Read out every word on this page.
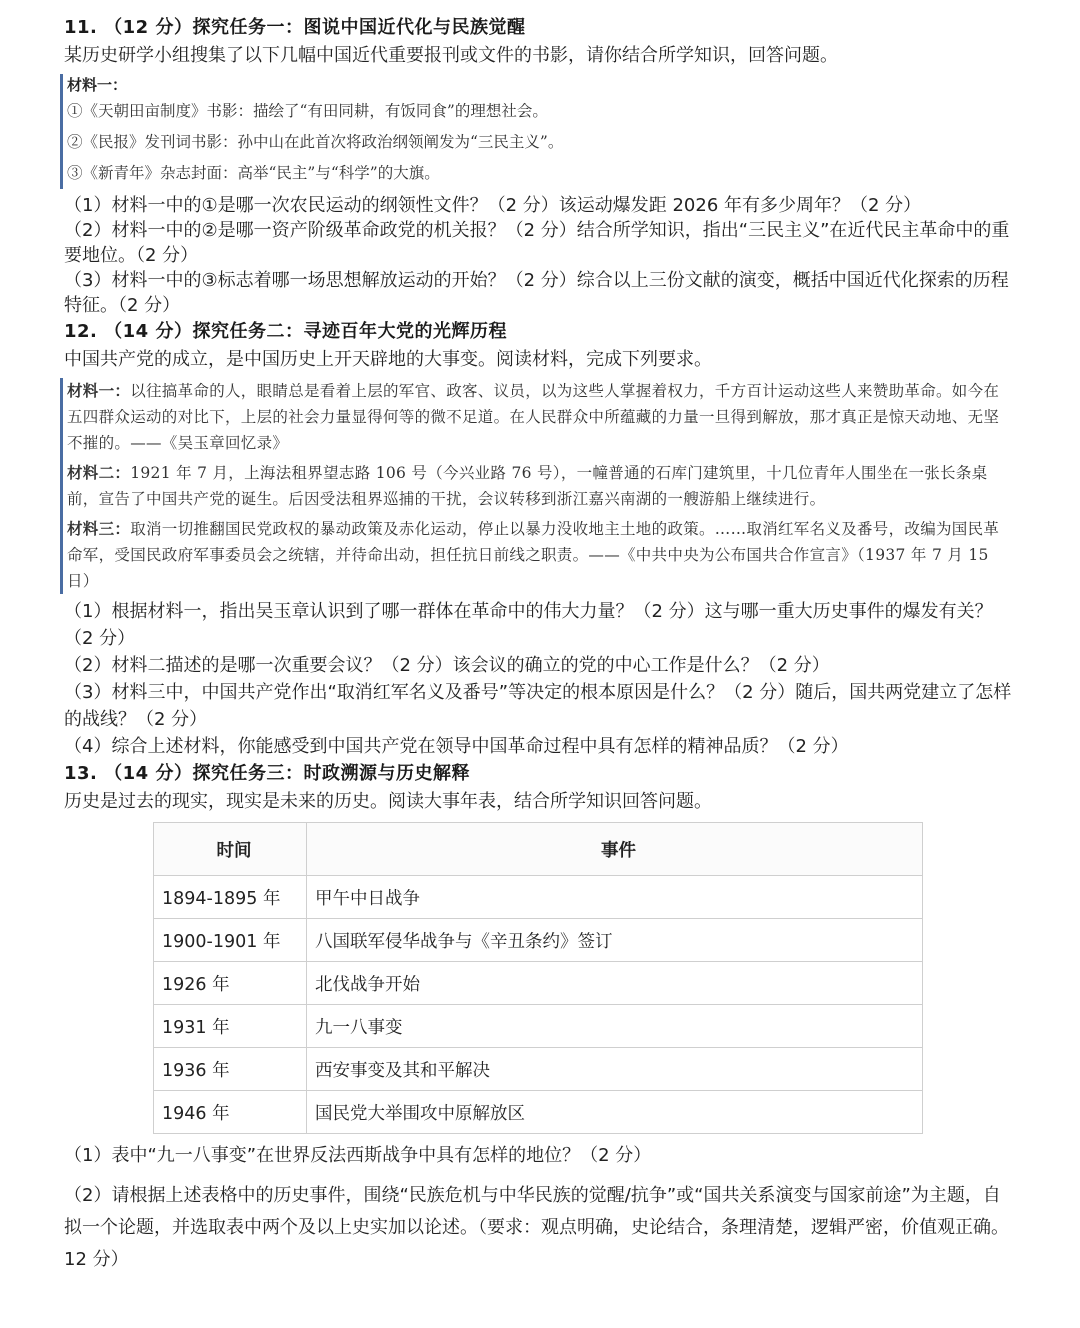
11. （12 分）探究任务一：图说中国近代化与民族觉醒
某历史研学小组搜集了以下几幅中国近代重要报刊或文件的书影，请你结合所学知识，回答问题。
材料一：
①《天朝田亩制度》书影：描绘了“有田同耕，有饭同食”的理想社会。
②《民报》发刊词书影：孙中山在此首次将政治纲领阐发为“三民主义”。
③《新青年》杂志封面：高举“民主”与“科学”的大旗。

（1）材料一中的①是哪一次农民运动的纲领性文件？（2 分）该运动爆发距 2026 年有多少周年？（2 分）

（2）材料一中的②是哪一资产阶级革命政党的机关报？（2 分）结合所学知识，指出“三民主义”在近代民主革命中的重要地位。（2 分）

（3）材料一中的③标志着哪一场思想解放运动的开始？（2 分）综合以上三份文献的演变，概括中国近代化探索的历程特征。（2 分）

12. （14 分）探究任务二：寻迹百年大党的光辉历程
中国共产党的成立，是中国历史上开天辟地的大事变。阅读材料，完成下列要求。

材料一：以往搞革命的人，眼睛总是看着上层的军官、政客、议员，以为这些人掌握着权力，千方百计运动这些人来赞助革命。如今在五四群众运动的对比下，上层的社会力量显得何等的微不足道。在人民群众中所蕴藏的力量一旦得到解放，那才真正是惊天动地、无坚不摧的。——《吴玉章回忆录》

材料二：1921 年 7 月，上海法租界望志路 106 号（今兴业路 76 号），一幢普通的石库门建筑里，十几位青年人围坐在一张长条桌前，宣告了中国共产党的诞生。后因受法租界巡捕的干扰，会议转移到浙江嘉兴南湖的一艘游船上继续进行。

材料三：取消一切推翻国民党政权的暴动政策及赤化运动，停止以暴力没收地主土地的政策。……取消红军名义及番号，改编为国民革命军，受国民政府军事委员会之统辖，并待命出动，担任抗日前线之职责。——《中共中央为公布国共合作宣言》（1937 年 7 月 15 日）

（1）根据材料一，指出吴玉章认识到了哪一群体在革命中的伟大力量？（2 分）这与哪一重大历史事件的爆发有关？（2 分）

（2）材料二描述的是哪一次重要会议？（2 分）该会议的确立的党的中心工作是什么？（2 分）

（3）材料三中，中国共产党作出“取消红军名义及番号”等决定的根本原因是什么？（2 分）随后，国共两党建立了怎样的战线？（2 分）

（4）综合上述材料，你能感受到中国共产党在领导中国革命过程中具有怎样的精神品质？（2 分）

13. （14 分）探究任务三：时政溯源与历史解释
历史是过去的现实，现实是未来的历史。阅读大事年表，结合所学知识回答问题。
时间	事件
1894-1895 年	甲午中日战争
1900-1901 年	八国联军侵华战争与《辛丑条约》签订
1926 年	北伐战争开始
1931 年	九一八事变
1936 年	西安事变及其和平解决
1946 年	国民党大举围攻中原解放区

（1）表中“九一八事变”在世界反法西斯战争中具有怎样的地位？（2 分）

（2）请根据上述表格中的历史事件，围绕“民族危机与中华民族的觉醒/抗争”或“国共关系演变与国家前途”为主题，自拟一个论题，并选取表中两个及以上史实加以论述。（要求：观点明确，史论结合，条理清楚，逻辑严密，价值观正确。12 分）
